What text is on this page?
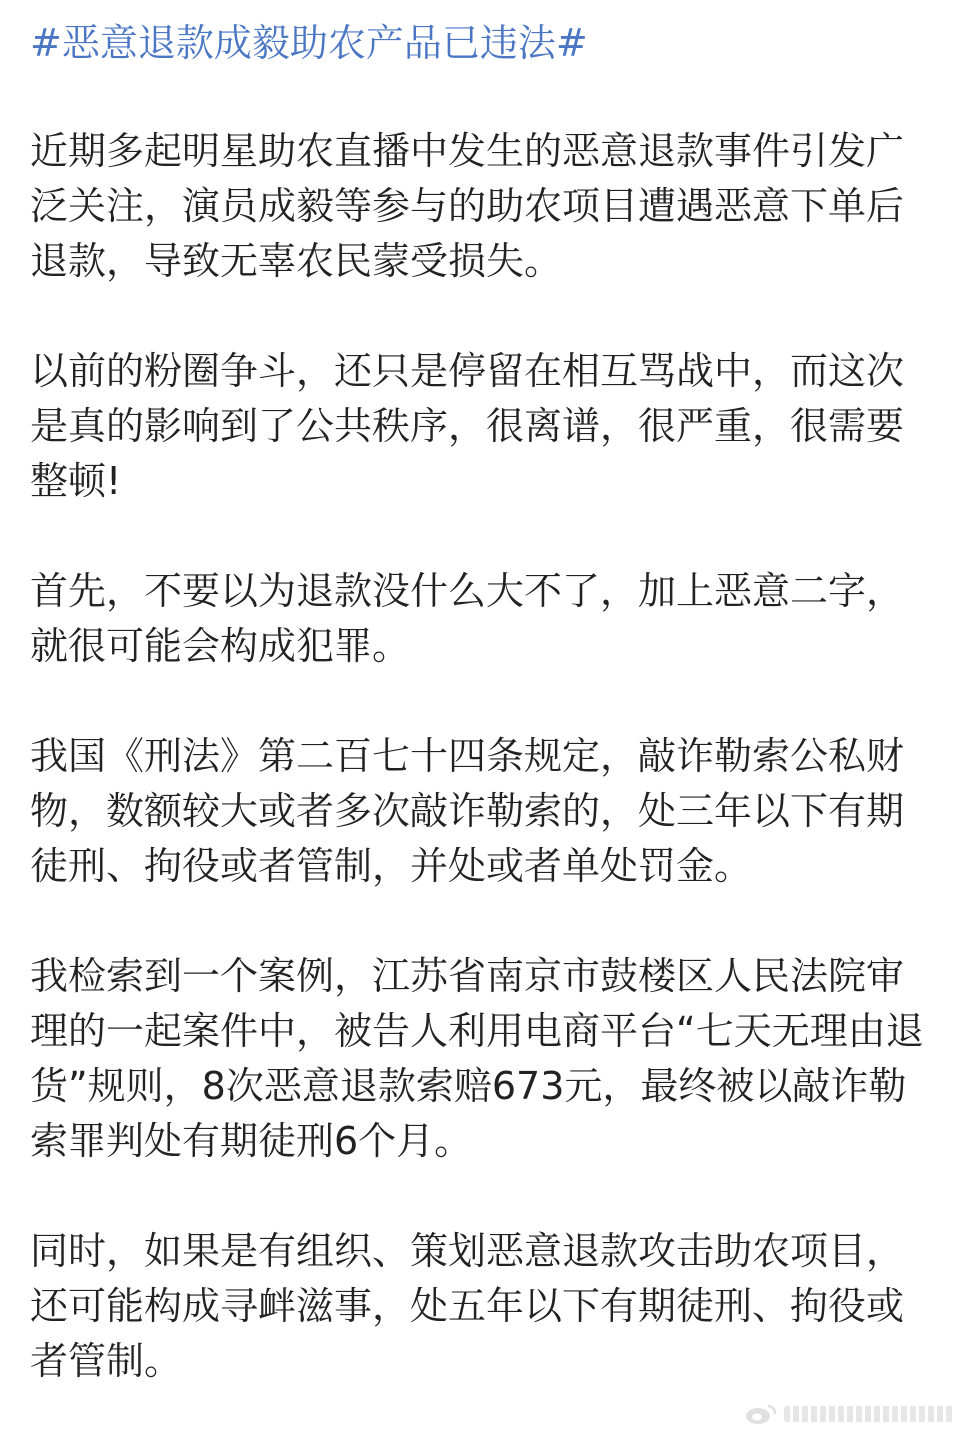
#恶意退款成毅助农产品已违法#

近期多起明星助农直播中发生的恶意退款事件引发广泛关注，演员成毅等参与的助农项目遭遇恶意下单后退款，导致无辜农民蒙受损失。

以前的粉圈争斗，还只是停留在相互骂战中，而这次是真的影响到了公共秩序，很离谱，很严重，很需要整顿!

首先，不要以为退款没什么大不了，加上恶意二字，就很可能会构成犯罪。

我国《刑法》第二百七十四条规定，敲诈勒索公私财物，数额较大或者多次敲诈勒索的，处三年以下有期徒刑、拘役或者管制，并处或者单处罚金。

我检索到一个案例，江苏省南京市鼓楼区人民法院审理的一起案件中，被告人利用电商平台“七天无理由退货”规则，8次恶意退款索赔673元，最终被以敲诈勒索罪判处有期徒刑6个月。

同时，如果是有组织、策划恶意退款攻击助农项目，还可能构成寻衅滋事，处五年以下有期徒刑、拘役或者管制。
